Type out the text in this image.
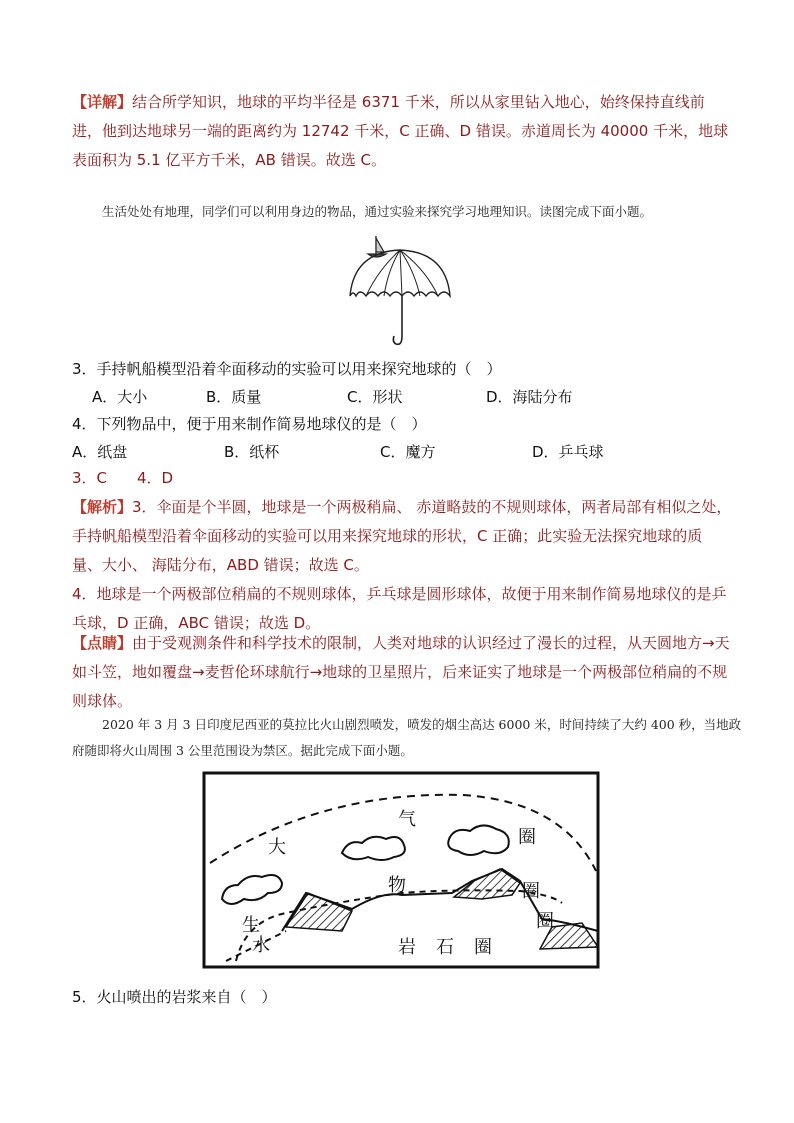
【详解】结合所学知识，地球的平均半径是 6371 千米，所以从家里钻入地心，始终保持直线前进，他到达地球另一端的距离约为 12742 千米，C 正确、D 错误。赤道周长为 40000 千米，地球表面积为 5.1 亿平方千米，AB 错误。故选 C。
生活处处有地理，同学们可以利用身边的物品，通过实验来探究学习地理知识。读图完成下面小题。
3．手持帆船模型沿着伞面移动的实验可以用来探究地球的（　）
A．大小	B．质量	C．形状	D．海陆分布
4．下列物品中，便于用来制作简易地球仪的是（　）
A．纸盘	B．纸杯	C．魔方	D．乒乓球
3．C　　4．D
【解析】3．伞面是个半圆，地球是一个两极稍扁、 赤道略鼓的不规则球体，两者局部有相似之处，手持帆船模型沿着伞面移动的实验可以用来探究地球的形状，C 正确；此实验无法探究地球的质量、大小、 海陆分布，ABD 错误；故选 C。
4．地球是一个两极部位稍扁的不规则球体，乒乓球是圆形球体，故便于用来制作简易地球仪的是乒乓球，D 正确，ABC 错误；故选 D。
【点睛】由于受观测条件和科学技术的限制，人类对地球的认识经过了漫长的过程，从天圆地方→天如斗笠，地如覆盘→麦哲伦环球航行→地球的卫星照片，后来证实了地球是一个两极部位稍扁的不规则球体。
2020 年 3 月 3 日印度尼西亚的莫拉比火山剧烈喷发，喷发的烟尘高达 6000 米，时间持续了大约 400 秒，当地政府随即将火山周围 3 公里范围设为禁区。据此完成下面小题。
大
气
圈
物	圈
生
水
圈
岩 石 圈
5．火山喷出的岩浆来自（　）
